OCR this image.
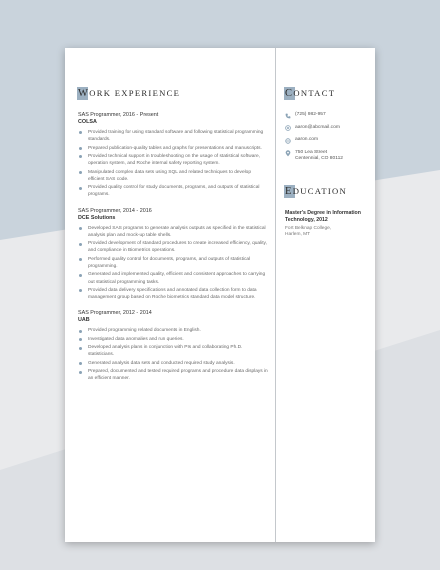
WORK EXPERIENCE
SAS Programmer, 2016 - Present
COLSA
Provided training for using standard software and following statistical programming standards.
Prepared publication-quality tables and graphs for presentations and manuscripts.
Provided technical support in troubleshooting on the usage of statistical software, operation system, and Roche internal safety reporting system.
Manipulated complex data sets using SQL and related techniques to develop efficient SAS code.
Provided quality control for study documents, programs, and outputs of statistical programs.
SAS Programmer, 2014 - 2016
DCE Solutions
Developed SAS programs to generate analysis outputs as specified in the statistical analysis plan and mock-up table shells.
Provided development of standard procedures to create increased efficiency, quality, and compliance in Biometrics operations.
Performed quality control for documents, programs, and outputs of statistical programming.
Generated and implemented quality, efficient and consistent approaches to carrying out statistical programming tasks.
Provided data delivery specifications and annotated data collection form to data management group based on Roche biometrics standard data model structure.
SAS Programmer, 2012 - 2014
UAB
Provided programming related documents in English.
Investigated data anomalies and run queries.
Developed analysis plans in conjunction with PIs and collaborating Ph.D. statisticians.
Generated analysis data sets and conducted required study analysis.
Prepared, documented and tested required programs and procedure data displays in an efficient manner.
CONTACT
(725) 982-957
aaron@abcmail.com
aaron.com
750 Lea Street
Centennial, CO 80112
EDUCATION
Master's Degree in Information Technology, 2012
Fort Belknap College,
Harlem, MT
